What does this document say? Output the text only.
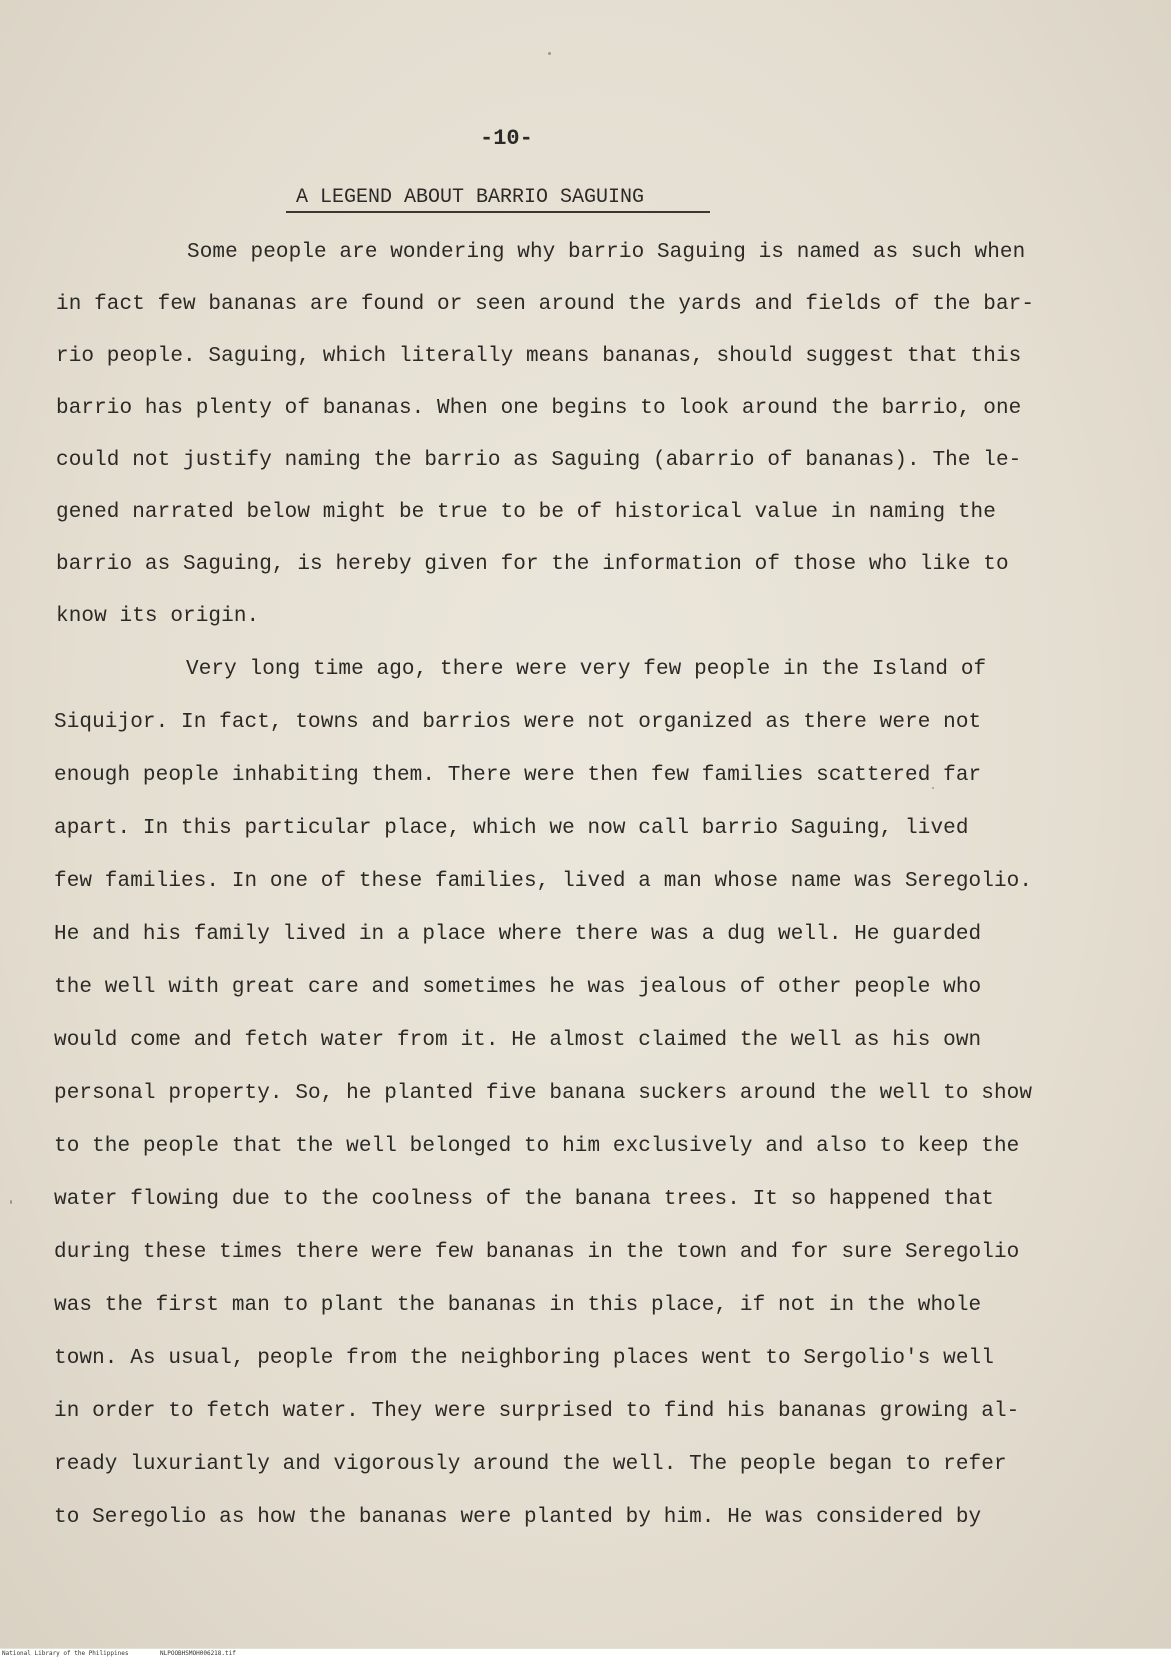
-10-
A LEGEND ABOUT BARRIO SAGUING
Some people are wondering why barrio Saguing is named as such when
in fact few bananas are found or seen around the yards and fields of the bar-
rio people. Saguing, which literally means bananas, should suggest that this
barrio has plenty of bananas. When one begins to look around the barrio, one
could not justify naming the barrio as Saguing (abarrio of bananas). The le-
gened narrated below might be true to be of historical value in naming the
barrio as Saguing, is hereby given for the information of those who like to
know its origin.
Very long time ago, there were very few people in the Island of
Siquijor. In fact, towns and barrios were not organized as there were not
enough people inhabiting them. There were then few families scattered far
apart. In this particular place, which we now call barrio Saguing, lived
few families. In one of these families, lived a man whose name was Seregolio.
He and his family lived in a place where there was a dug well. He guarded
the well with great care and sometimes he was jealous of other people who
would come and fetch water from it. He almost claimed the well as his own
personal property. So, he planted five banana suckers around the well to show
to the people that the well belonged to him exclusively and also to keep the
water flowing due to the coolness of the banana trees. It so happened that
during these times there were few bananas in the town and for sure Seregolio
was the first man to plant the bananas in this place, if not in the whole
town. As usual, people from the neighboring places went to Sergolio's well
in order to fetch water. They were surprised to find his bananas growing al-
ready luxuriantly and vigorously around the well. The people began to refer
to Seregolio as how the bananas were planted by him. He was considered by
National Library of the Philippines	NLPOOBHSMOH006218.tif
